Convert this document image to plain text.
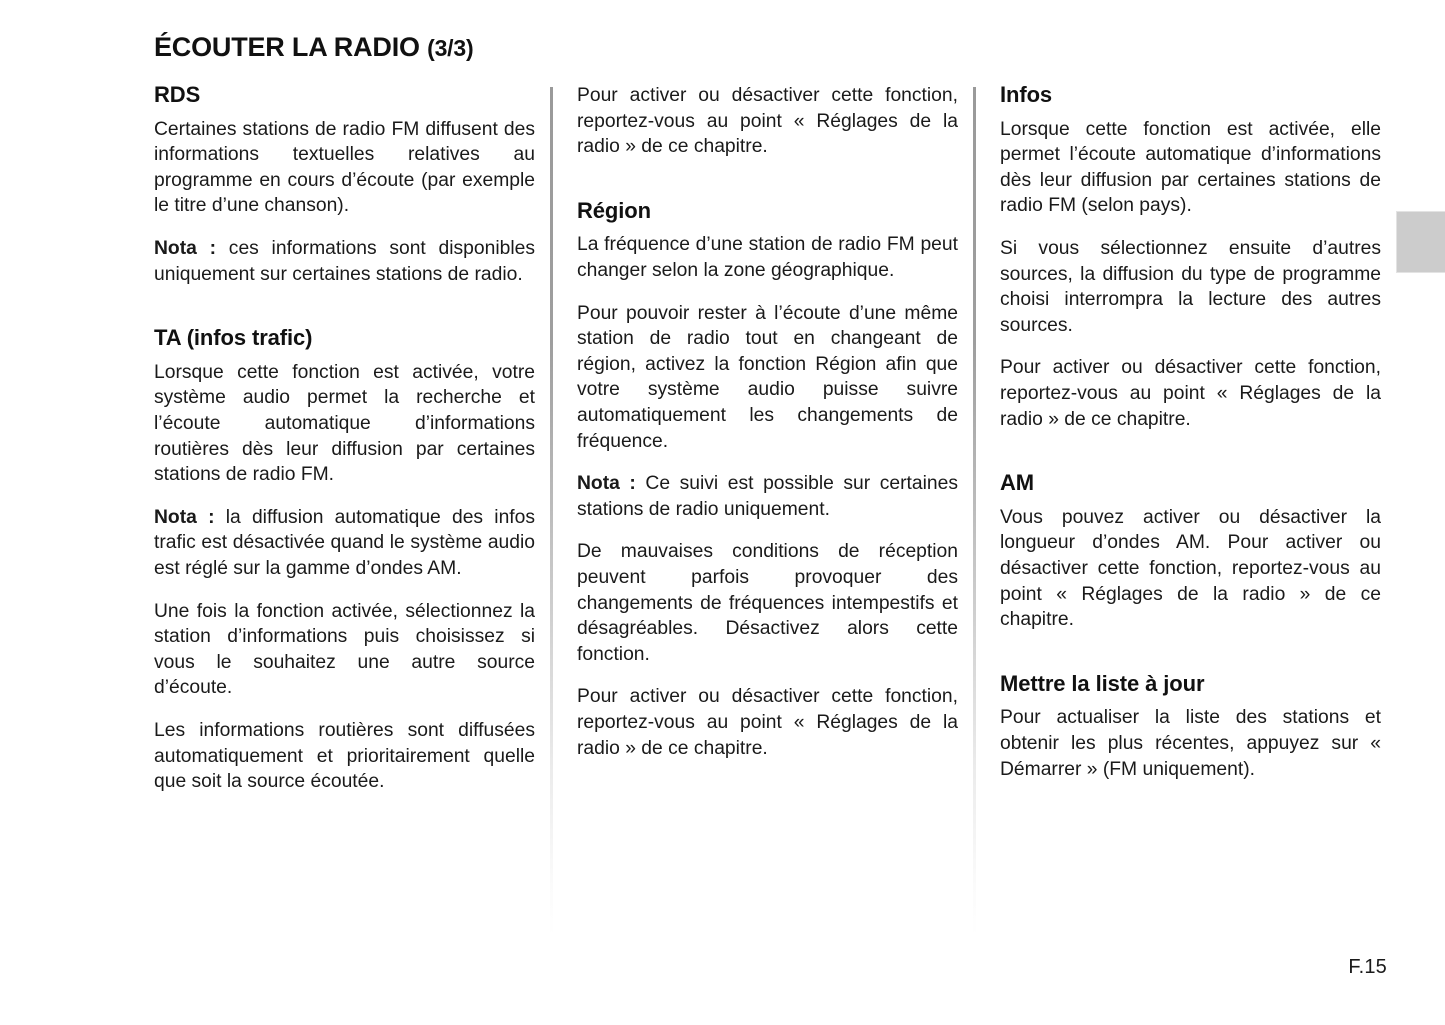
ÉCOUTER LA RADIO (3/3)
RDS

Certaines stations de radio FM diffusent des informations textuelles relatives au programme en cours d’écoute (par exemple le titre d’une chanson).

Nota : ces informations sont disponibles uniquement sur certaines stations de radio.

TA (infos trafic)

Lorsque cette fonction est activée, votre système audio permet la recherche et l’écoute automatique d’informations routières dès leur diffusion par certaines stations de radio FM.

Nota : la diffusion automatique des infos trafic est désactivée quand le système audio est réglé sur la gamme d’ondes AM.

Une fois la fonction activée, sélectionnez la station d’informations puis choisissez si vous le souhaitez une autre source d’écoute.

Les informations routières sont diffusées automatiquement et prioritairement quelle que soit la source écoutée.

Pour activer ou désactiver cette fonction, reportez-vous au point « Réglages de la radio » de ce chapitre.

Région

La fréquence d’une station de radio FM peut changer selon la zone géographique.

Pour pouvoir rester à l’écoute d’une même station de radio tout en changeant de région, activez la fonction Région afin que votre système audio puisse suivre automatiquement les changements de fréquence.

Nota : Ce suivi est possible sur certaines stations de radio uniquement.

De mauvaises conditions de réception peuvent parfois provoquer des changements de fréquences intempestifs et désagréables. Désactivez alors cette fonction.

Pour activer ou désactiver cette fonction, reportez-vous au point « Réglages de la radio » de ce chapitre.

Infos

Lorsque cette fonction est activée, elle permet l’écoute automatique d’informations dès leur diffusion par certaines stations de radio FM (selon pays).

Si vous sélectionnez ensuite d’autres sources, la diffusion du type de programme choisi interrompra la lecture des autres sources.

Pour activer ou désactiver cette fonction, reportez-vous au point « Réglages de la radio » de ce chapitre.

AM

Vous pouvez activer ou désactiver la longueur d’ondes AM. Pour activer ou désactiver cette fonction, reportez-vous au point « Réglages de la radio » de ce chapitre.

Mettre la liste à jour

Pour actualiser la liste des stations et obtenir les plus récentes, appuyez sur « Démarrer » (FM uniquement).

F.15
